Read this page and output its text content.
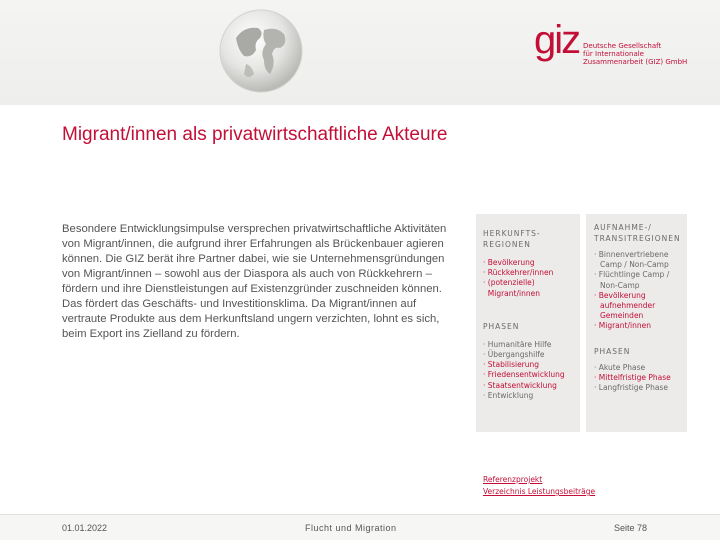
giz Deutsche Gesellschaft
für Internationale
Zusammenarbeit (GIZ) GmbH
Migrant/innen als privatwirtschaftliche Akteure
Besondere Entwicklungsimpulse versprechen privatwirtschaftliche Aktivitäten von Migrant/innen, die aufgrund ihrer Erfahrungen als Brückenbauer agieren können. Die GIZ berät ihre Partner dabei, wie sie Unternehmensgründungen von Migrant/innen – sowohl aus der Diaspora als auch von Rückkehrern – fördern und ihre Dienstleistungen auf Existenzgründer zuschneiden können. Das fördert das Geschäfts- und Investitionsklima. Da Migrant/innen auf vertraute Produkte aus dem Herkunftsland ungern verzichten, lohnt es sich, beim Export ins Zielland zu fördern.
HERKUNFTS-
REGIONEN
· Bevölkerung
· Rückkehrer/innen
· (potenzielle)
Migrant/innen
PHASEN
· Humanitäre Hilfe
· Übergangshilfe
· Stabilisierung
· Friedensentwicklung
· Staatsentwicklung
· Entwicklung
AUFNAHME-/
TRANSITREGIONEN
· Binnenvertriebene Camp / Non-Camp
· Flüchtlinge Camp / Non-Camp
· Bevölkerung aufnehmender Gemeinden
· Migrant/innen
PHASEN
· Akute Phase
· Mittelfristige Phase
· Langfristige Phase
Referenzprojekt
Verzeichnis Leistungsbeiträge
01.01.2022	Flucht und Migration	Seite 78
